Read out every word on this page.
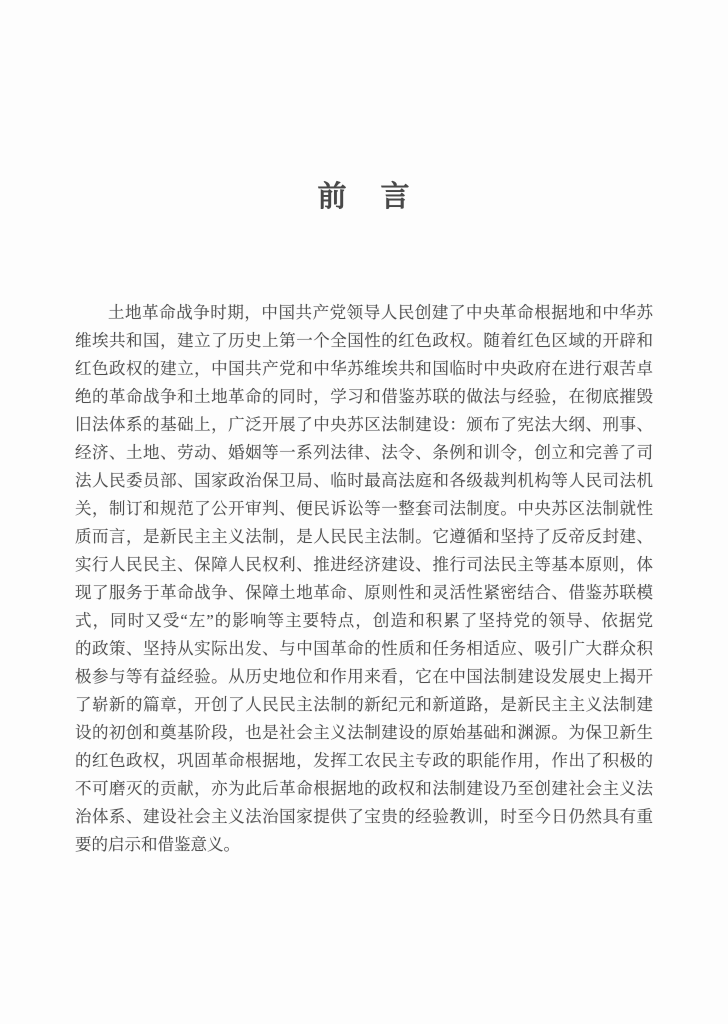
前 言
土地革命战争时期，中国共产党领导人民创建了中央革命根据地和中华苏
维埃共和国，建立了历史上第一个全国性的红色政权。随着红色区域的开辟和
红色政权的建立，中国共产党和中华苏维埃共和国临时中央政府在进行艰苦卓
绝的革命战争和土地革命的同时，学习和借鉴苏联的做法与经验，在彻底摧毁
旧法体系的基础上，广泛开展了中央苏区法制建设：颁布了宪法大纲、刑事、
经济、土地、劳动、婚姻等一系列法律、法令、条例和训令，创立和完善了司
法人民委员部、国家政治保卫局、临时最高法庭和各级裁判机构等人民司法机
关，制订和规范了公开审判、便民诉讼等一整套司法制度。中央苏区法制就性
质而言，是新民主主义法制，是人民民主法制。它遵循和坚持了反帝反封建、
实行人民民主、保障人民权利、推进经济建设、推行司法民主等基本原则，体
现了服务于革命战争、保障土地革命、原则性和灵活性紧密结合、借鉴苏联模
式，同时又受“左”的影响等主要特点，创造和积累了坚持党的领导、依据党
的政策、坚持从实际出发、与中国革命的性质和任务相适应、吸引广大群众积
极参与等有益经验。从历史地位和作用来看，它在中国法制建设发展史上揭开
了崭新的篇章，开创了人民民主法制的新纪元和新道路，是新民主主义法制建
设的初创和奠基阶段，也是社会主义法制建设的原始基础和渊源。为保卫新生
的红色政权，巩固革命根据地，发挥工农民主专政的职能作用，作出了积极的
不可磨灭的贡献，亦为此后革命根据地的政权和法制建设乃至创建社会主义法
治体系、建设社会主义法治国家提供了宝贵的经验教训，时至今日仍然具有重
要的启示和借鉴意义。
